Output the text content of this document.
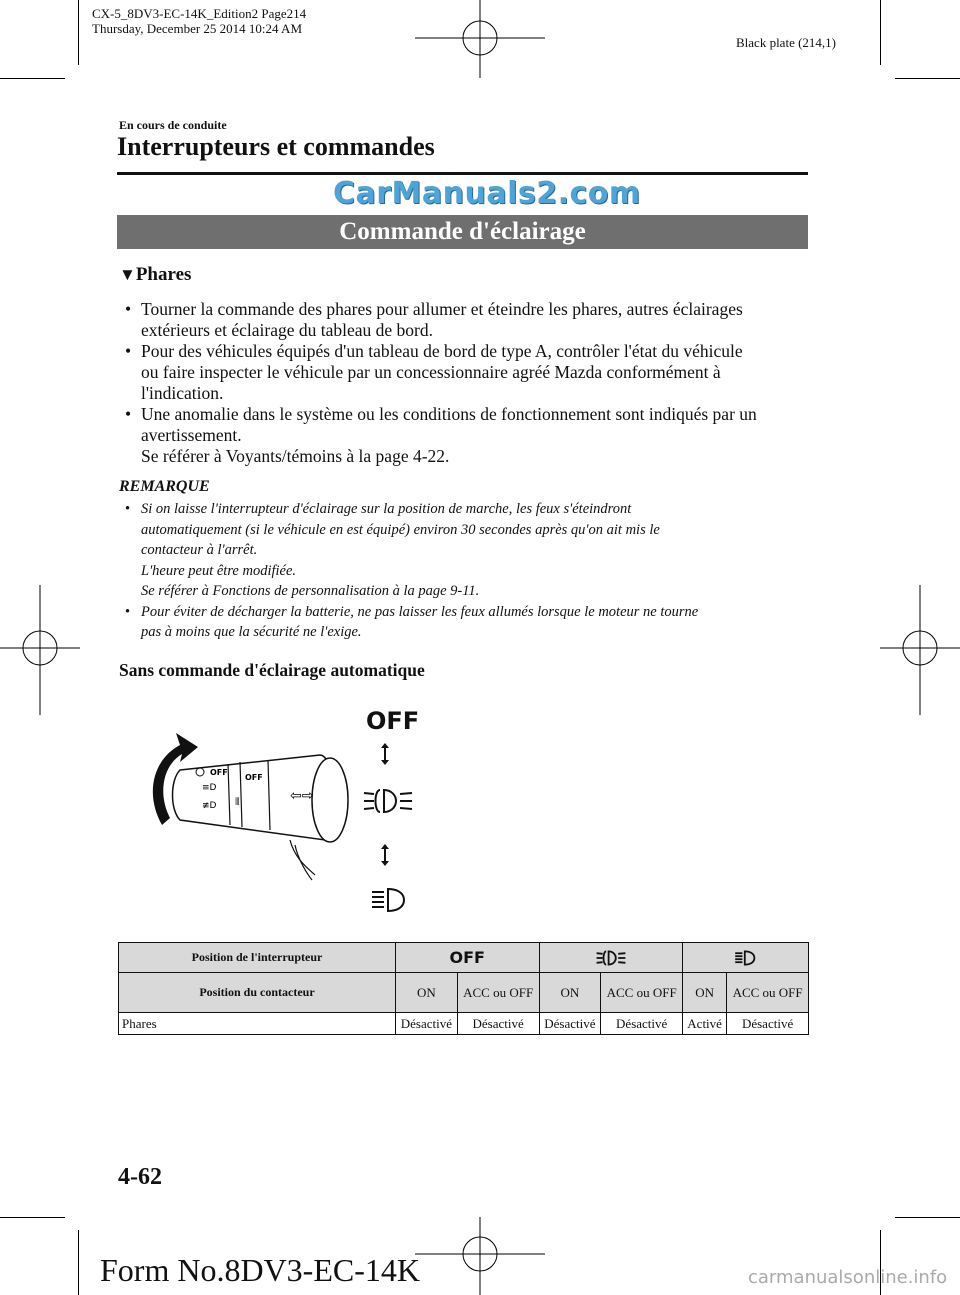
CX-5_8DV3-EC-14K_Edition2 Page214
Thursday, December 25 2014 10:24 AM
Black plate (214,1)
En cours de conduite
Interrupteurs et commandes
CarManuals2.com
Commande d'éclairage
▼Phares
• Tourner la commande des phares pour allumer et éteindre les phares, autres éclairages
extérieurs et éclairage du tableau de bord.
• Pour des véhicules équipés d'un tableau de bord de type A, contrôler l'état du véhicule
ou faire inspecter le véhicule par un concessionnaire agréé Mazda conformément à
l'indication.
• Une anomalie dans le système ou les conditions de fonctionnement sont indiqués par un
avertissement.
Se référer à Voyants/témoins à la page 4-22.
REMARQUE
• Si on laisse l'interrupteur d'éclairage sur la position de marche, les feux s'éteindront
automatiquement (si le véhicule en est équipé) environ 30 secondes après qu'on ait mis le
contacteur à l'arrêt.
L'heure peut être modifiée.
Se référer à Fonctions de personnalisation à la page 9-11.
• Pour éviter de décharger la batterie, ne pas laisser les feux allumés lorsque le moteur ne tourne
pas à moins que la sécurité ne l'exige.
Sans commande d'éclairage automatique
OFF
OFF
≡D
≢D ⦀	⇦⇨
OFF
Position de l'interrupteur	OFF		
Position du contacteur	ON	ACC ou OFF	ON	ACC ou OFF	ON	ACC ou OFF
Phares	Désactivé	Désactivé	Désactivé	Désactivé	Activé	Désactivé
4-62
Form No.8DV3-EC-14K	carmanualsonline.info
